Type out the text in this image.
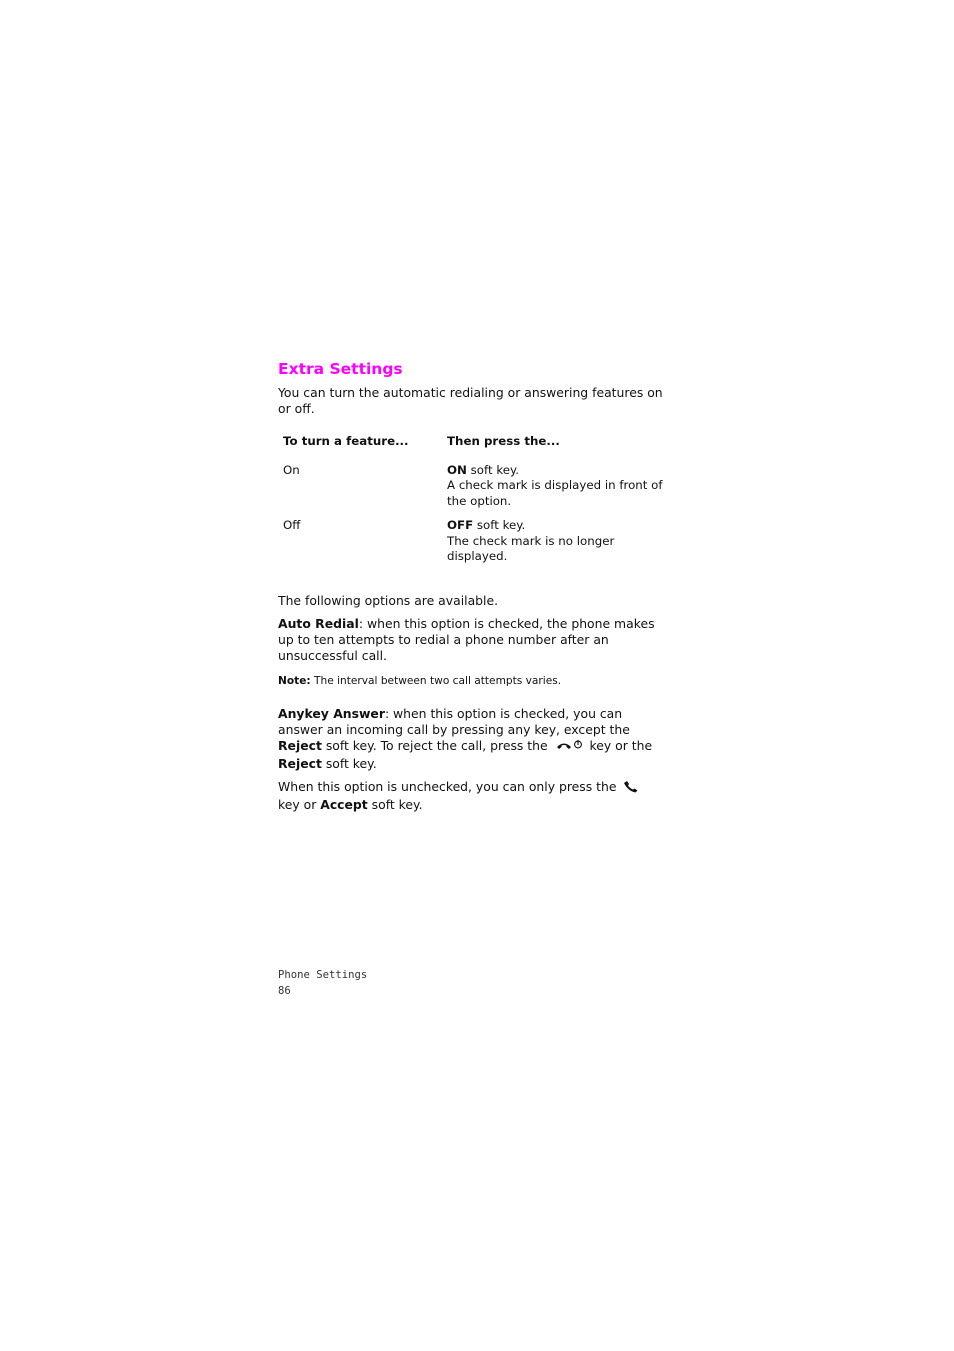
Extra Settings

You can turn the automatic redialing or answering features on or off.

To turn a feature...	Then press the...
On	ON soft key.
A check mark is displayed in front of the option.
Off	OFF soft key.
The check mark is no longer displayed.

The following options are available.

Auto Redial: when this option is checked, the phone makes up to ten attempts to redial a phone number after an unsuccessful call.

Note: The interval between two call attempts varies.

Anykey Answer: when this option is checked, you can answer an incoming call by pressing any key, except the Reject soft key. To reject the call, press the	key or the Reject soft key.

When this option is unchecked, you can only press the  key or Accept soft key.

Phone Settings
86
